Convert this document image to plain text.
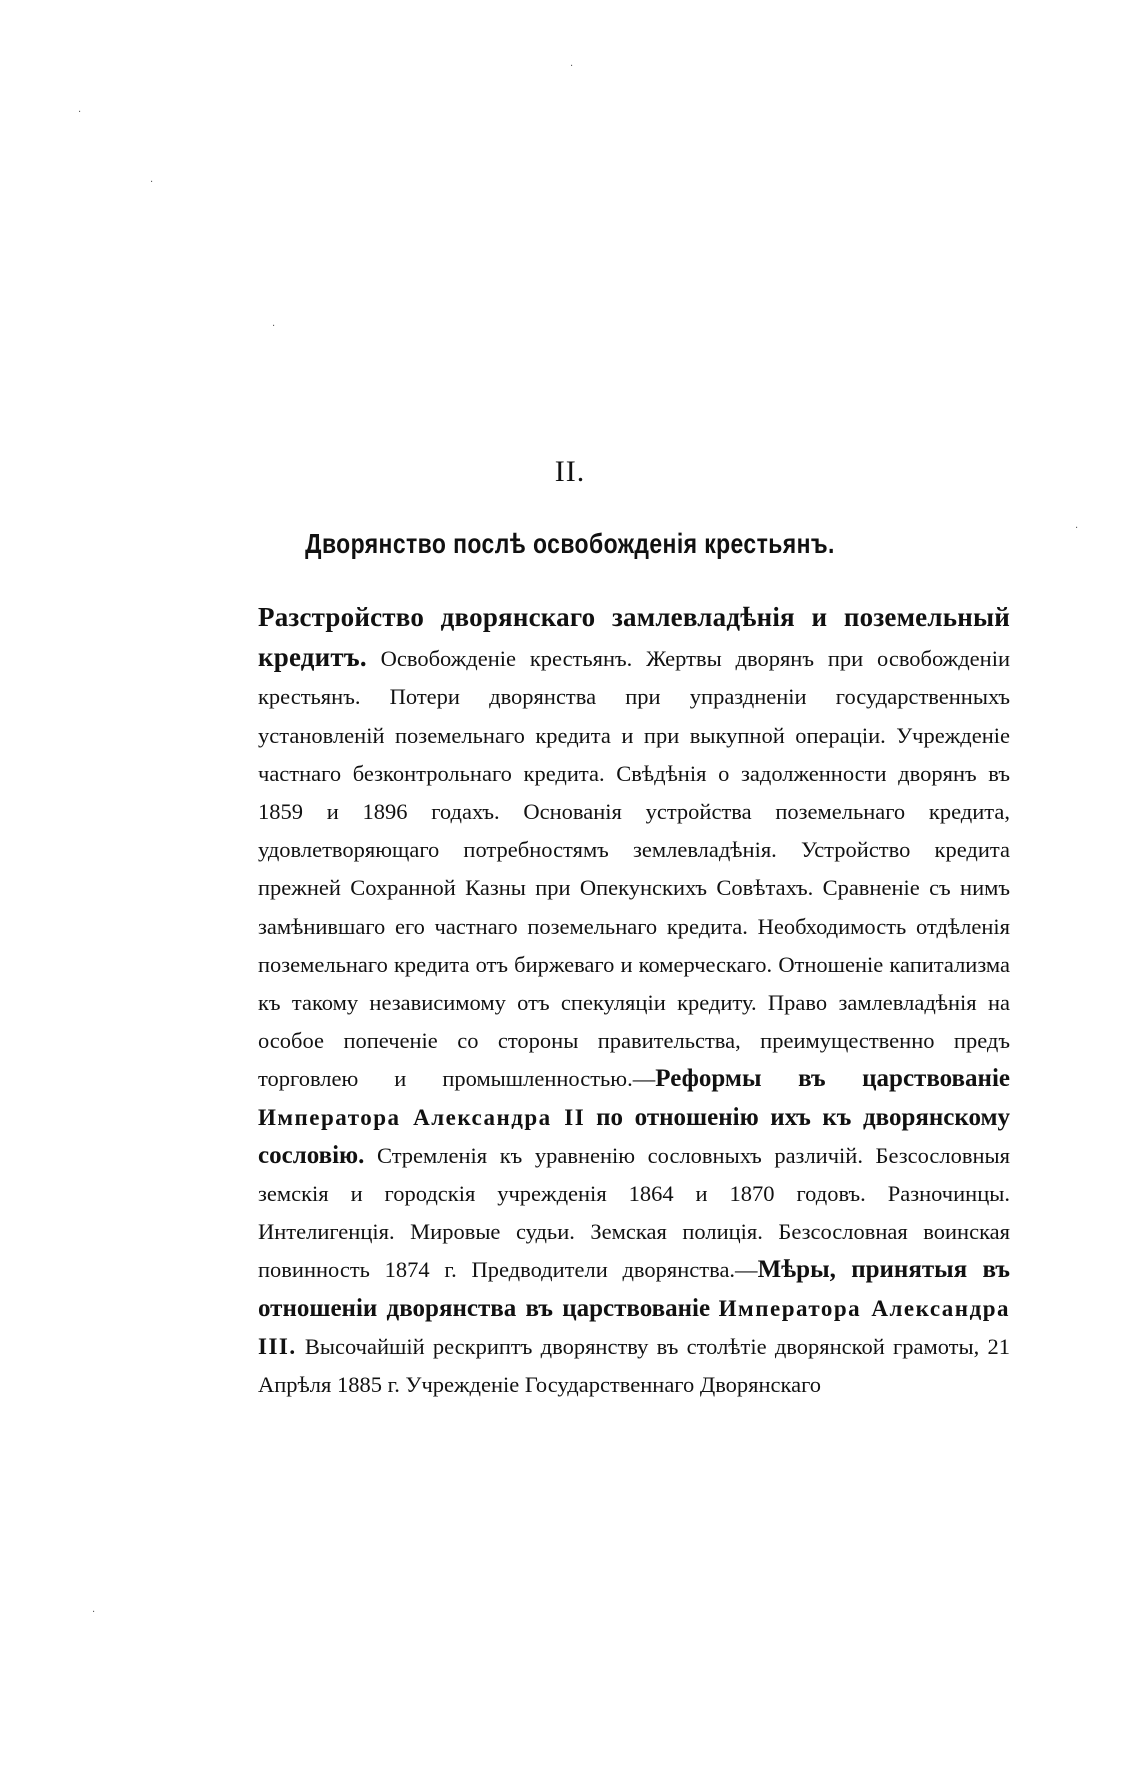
II.
Дворянство послѣ освобожденія крестьянъ.
Разстройство дворянскаго замлевладѣнія и поземельный кредитъ. Освобожденіе крестьянъ. Жертвы дворянъ при освобожденіи крестьянъ. Потери дворянства при упраздненіи государственныхъ установленій поземельнаго кредита и при выкупной операціи. Учрежденіе частнаго безконтрольнаго кредита. Свѣдѣнія о задолженности дворянъ въ 1859 и 1896 годахъ. Основанія устройства поземельнаго кредита, удовлетворяющаго потребностямъ землевладѣнія. Устройство кредита прежней Сохранной Казны при Опекунскихъ Совѣтахъ. Сравненіе съ нимъ замѣнившаго его частнаго поземельнаго кредита. Необходимость отдѣленія поземельнаго кредита отъ биржеваго и комерческаго. Отношеніе капитализма къ такому независимому отъ спекуляціи кредиту. Право замлевладѣнія на особое попеченіе со стороны правительства, преимущественно предъ торговлею и промышленностью.—Реформы въ царствованіе Императора Александра II по отношенію ихъ къ дворянскому сословію. Стремленія къ уравненію сословныхъ различій. Безсословныя земскія и городскія учрежденія 1864 и 1870 годовъ. Разночинцы. Интелигенція. Мировые судьи. Земская полиція. Безсословная воинская повинность 1874 г. Предводители дворянства.—Мѣры, принятыя въ отношеніи дворянства въ царствованіе Императора Александра III. Высочайшій рескриптъ дворянству въ столѣтіе дворянской грамоты, 21 Апрѣля 1885 г. Учрежденіе Государственнаго Дворянскаго
·
·
·
·
·
·
